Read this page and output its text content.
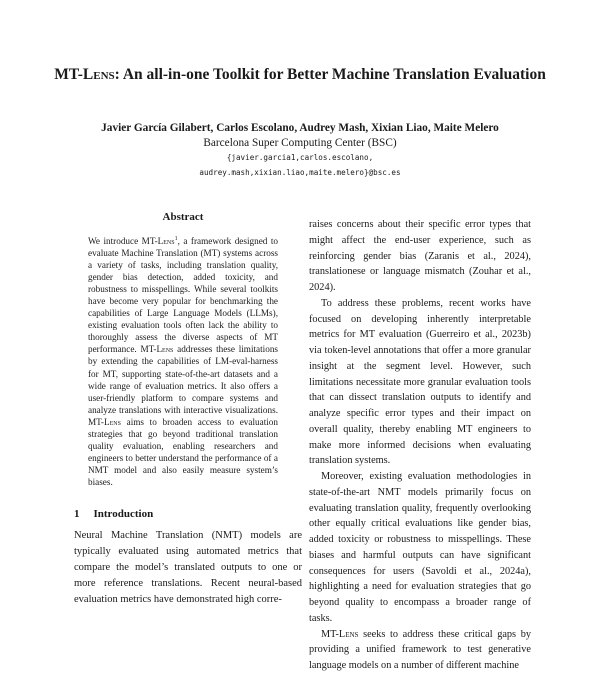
MT-Lens: An all-in-one Toolkit for Better Machine Translation Evaluation
Javier García Gilabert, Carlos Escolano, Audrey Mash, Xixian Liao, Maite Melero
Barcelona Super Computing Center (BSC)
{javier.garcia1,carlos.escolano,
audrey.mash,xixian.liao,maite.melero}@bsc.es
Abstract
We introduce MT-Lens$^1$, a framework designed to evaluate Machine Translation (MT) systems across a variety of tasks, including translation quality, gender bias detection, added toxicity, and robustness to misspellings. While several toolkits have become very popular for benchmarking the capabilities of Large Language Models (LLMs), existing evaluation tools often lack the ability to thoroughly assess the diverse aspects of MT performance. MT-Lens addresses these limitations by extending the capabilities of LM-eval-harness for MT, supporting state-of-the-art datasets and a wide range of evaluation metrics. It also offers a user-friendly platform to compare systems and analyze translations with interactive visualizations. MT-Lens aims to broaden access to evaluation strategies that go beyond traditional translation quality evaluation, enabling researchers and engineers to better understand the performance of a NMT model and also easily measure system’s biases.
1 Introduction
Neural Machine Translation (NMT) models are typically evaluated using automated metrics that compare the model’s translated outputs to one or more reference translations. Recent neural-based evaluation metrics have demonstrated high corre-

raises concerns about their specific error types that might affect the end-user experience, such as reinforcing gender bias (Zaranis et al., 2024), translationese or language mismatch (Zouhar et al., 2024).

To address these problems, recent works have focused on developing inherently interpretable metrics for MT evaluation (Guerreiro et al., 2023b) via token-level annotations that offer a more granular insight at the segment level. However, such limitations necessitate more granular evaluation tools that can dissect translation outputs to identify and analyze specific error types and their impact on overall quality, thereby enabling MT engineers to make more informed decisions when evaluating translation systems.

Moreover, existing evaluation methodologies in state-of-the-art NMT models primarily focus on evaluating translation quality, frequently overlooking other equally critical evaluations like gender bias, added toxicity or robustness to misspellings. These biases and harmful outputs can have significant consequences for users (Savoldi et al., 2024a), highlighting a need for evaluation strategies that go beyond quality to encompass a broader range of tasks.

MT-Lens seeks to address these critical gaps by providing a unified framework to test generative language models on a number of different machine
